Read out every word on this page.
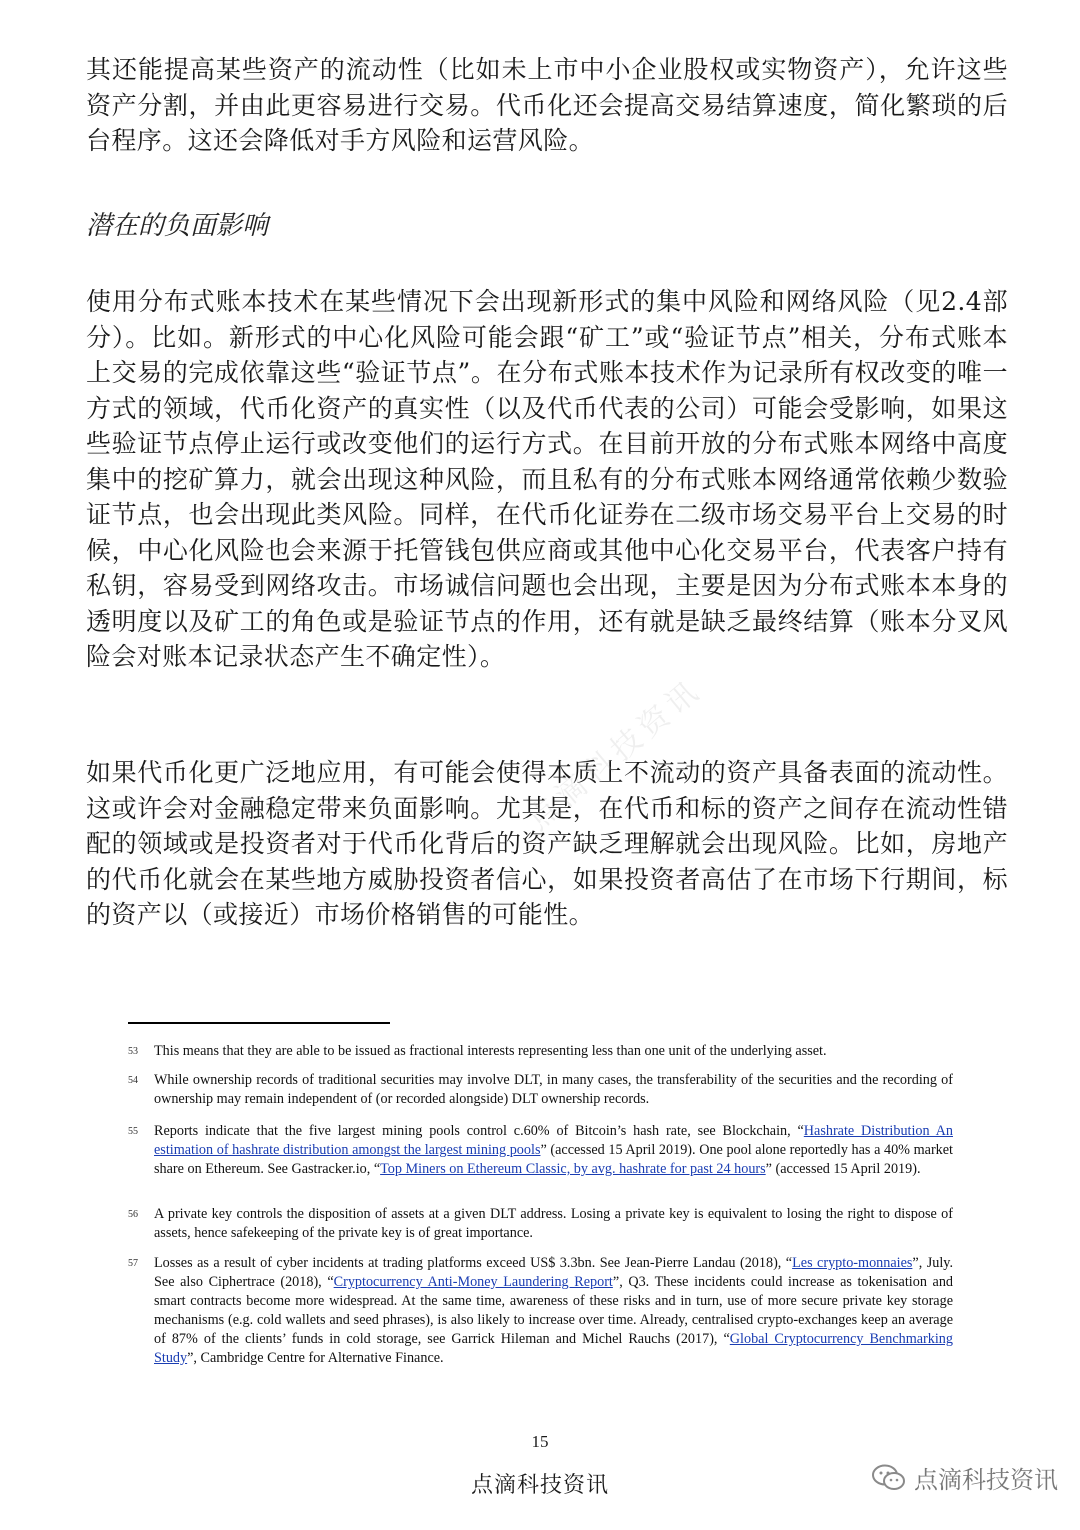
其还能提高某些资产的流动性（比如未上市中小企业股权或实物资产），允许这些资产分割，并由此更容易进行交易。代币化还会提高交易结算速度，简化繁琐的后台程序。这还会降低对手方风险和运营风险。
潜在的负面影响
使用分布式账本技术在某些情况下会出现新形式的集中风险和网络风险（见2.4部分）。比如。新形式的中心化风险可能会跟“矿工”或“验证节点”相关，分布式账本上交易的完成依靠这些“验证节点”。在分布式账本技术作为记录所有权改变的唯一方式的领域，代币化资产的真实性（以及代币代表的公司）可能会受影响，如果这些验证节点停止运行或改变他们的运行方式。在目前开放的分布式账本网络中高度集中的挖矿算力，就会出现这种风险，而且私有的分布式账本网络通常依赖少数验证节点，也会出现此类风险。同样，在代币化证券在二级市场交易平台上交易的时候，中心化风险也会来源于托管钱包供应商或其他中心化交易平台，代表客户持有私钥，容易受到网络攻击。市场诚信问题也会出现，主要是因为分布式账本本身的透明度以及矿工的角色或是验证节点的作用，还有就是缺乏最终结算（账本分叉风险会对账本记录状态产生不确定性）。
如果代币化更广泛地应用，有可能会使得本质上不流动的资产具备表面的流动性。这或许会对金融稳定带来负面影响。尤其是，在代币和标的资产之间存在流动性错配的领域或是投资者对于代币化背后的资产缺乏理解就会出现风险。比如，房地产的代币化就会在某些地方威胁投资者信心，如果投资者高估了在市场下行期间，标的资产以（或接近）市场价格销售的可能性。
点滴科技资讯
53 This means that they are able to be issued as fractional interests representing less than one unit of the underlying asset.
54 While ownership records of traditional securities may involve DLT, in many cases, the transferability of the securities and the recording of ownership may remain independent of (or recorded alongside) DLT ownership records.
55 Reports indicate that the five largest mining pools control c.60% of Bitcoin’s hash rate, see Blockchain, “Hashrate Distribution An estimation of hashrate distribution amongst the largest mining pools” (accessed 15 April 2019). One pool alone reportedly has a 40% market share on Ethereum. See Gastracker.io, “Top Miners on Ethereum Classic, by avg. hashrate for past 24 hours” (accessed 15 April 2019).
56 A private key controls the disposition of assets at a given DLT address. Losing a private key is equivalent to losing the right to dispose of assets, hence safekeeping of the private key is of great importance.
57 Losses as a result of cyber incidents at trading platforms exceed US$ 3.3bn. See Jean-Pierre Landau (2018), “Les crypto-monnaies”, July. See also Ciphertrace (2018), “Cryptocurrency Anti-Money Laundering Report”, Q3. These incidents could increase as tokenisation and smart contracts become more widespread. At the same time, awareness of these risks and in turn, use of more secure private key storage mechanisms (e.g. cold wallets and seed phrases), is also likely to increase over time. Already, centralised crypto-exchanges keep an average of 87% of the clients’ funds in cold storage, see Garrick Hileman and Michel Rauchs (2017), “Global Cryptocurrency Benchmarking Study”, Cambridge Centre for Alternative Finance.
15
点滴科技资讯	点滴科技资讯
